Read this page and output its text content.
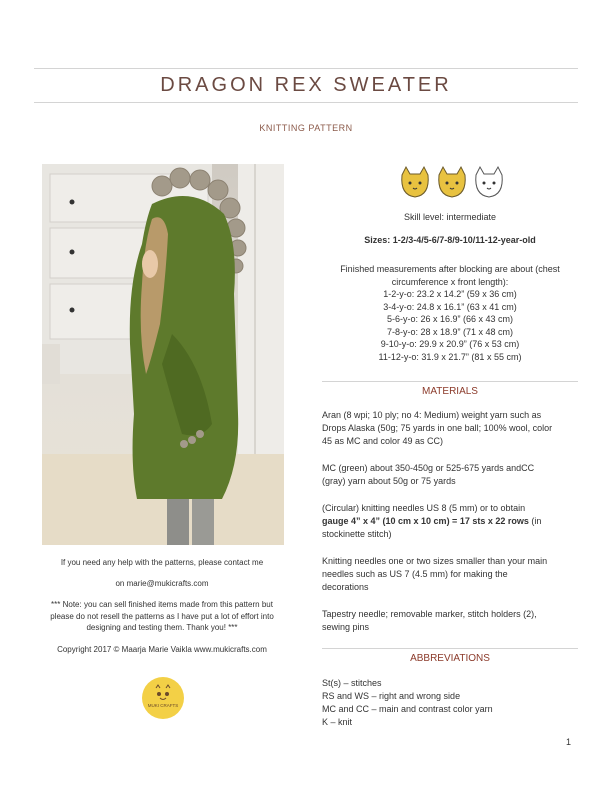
DRAGON REX SWEATER
KNITTING PATTERN
If you need any help with the patterns, please contact me
on marie@mukicrafts.com

*** Note: you can sell finished items made from this pattern but

please do not resell the patterns as I have put a lot of effort into

designing and testing them. Thank you! ***

Copyright 2017 © Maarja Marie Vaikla www.mukicrafts.com
MUKI CRAFTS
Skill level: intermediate
Sizes: 1-2/3-4/5-6/7-8/9-10/11-12-year-old

Finished measurements after blocking are about (chest

circumference x front length):

1-2-y-o: 23.2 x 14.2” (59 x 36 cm)

3-4-y-o: 24.8 x 16.1” (63 x 41 cm)

5-6-y-o: 26 x 16.9” (66 x 43 cm)

7-8-y-o: 28 x 18.9” (71 x 48 cm)

9-10-y-o: 29.9 x 20.9” (76 x 53 cm)

11-12-y-o: 31.9 x 21.7” (81 x 55 cm)

MATERIALS

Aran (8 wpi; 10 ply; no 4: Medium) weight yarn such as

Drops Alaska (50g; 75 yards in one ball; 100% wool, color

45 as MC and color 49 as CC)

MC (green) about 350-450g or 525-675 yards andCC

(gray) yarn about 50g or 75 yards

(Circular) knitting needles US 8 (5 mm) or to obtain

gauge 4” x 4” (10 cm x 10 cm) = 17 sts x 22 rows (in

stockinette stitch)

Knitting needles one or two sizes smaller than your main

needles such as US 7 (4.5 mm) for making the

decorations

Tapestry needle; removable marker, stitch holders (2),

sewing pins

ABBREVIATIONS

St(s) – stitches

RS and WS – right and wrong side

MC and CC – main and contrast color yarn

K – knit

1
